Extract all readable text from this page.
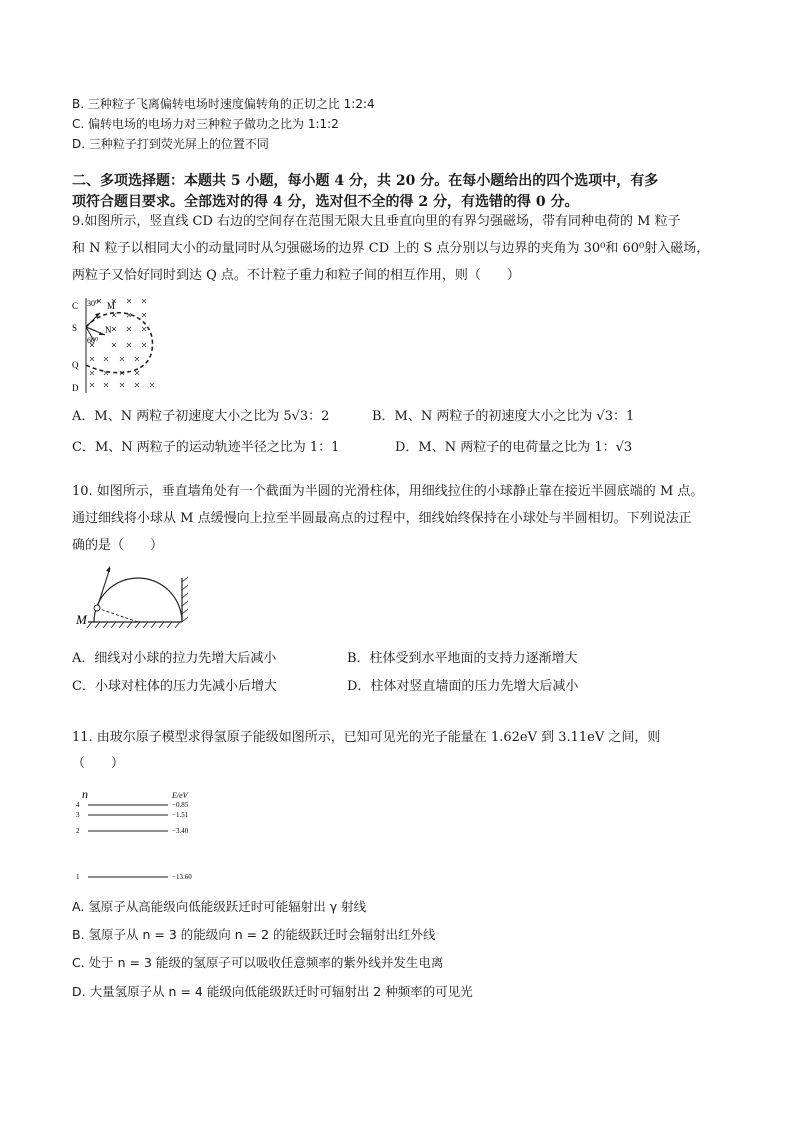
B. 三种粒子飞离偏转电场时速度偏转角的正切之比 1:2:4
C. 偏转电场的电场力对三种粒子做功之比为 1:1:2
D. 三种粒子打到荧光屏上的位置不同
二、多项选择题：本题共 5 小题，每小题 4 分，共 20 分。在每小题给出的四个选项中，有多
项符合题目要求。全部选对的得 4 分，选对但不全的得 2 分，有选错的得 0 分。
9.如图所示，竖直线 CD 右边的空间存在范围无限大且垂直向里的有界匀强磁场，带有同种电荷的 M 粒子
和 N 粒子以相同大小的动量同时从匀强磁场的边界 CD 上的 S 点分别以与边界的夹角为 30⁰和 60⁰射入磁场，
两粒子又恰好同时到达 Q 点。不计粒子重力和粒子间的相互作用，则（　　）
C
S
Q
D
30⁰
60⁰
M
N
A．M、N 两粒子初速度大小之比为 5√3：2	B．M、N 两粒子的初速度大小之比为 √3：1
C．M、N 两粒子的运动轨迹半径之比为 1：1	D．M、N 两粒子的电荷量之比为 1：√3
10. 如图所示，垂直墙角处有一个截面为半圆的光滑柱体，用细线拉住的小球静止靠在接近半圆底端的 M 点。
通过细线将小球从 M 点缓慢向上拉至半圆最高点的过程中，细线始终保持在小球处与半圆相切。下列说法正
确的是（　　）
M
A．细线对小球的拉力先增大后减小	B．柱体受到水平地面的支持力逐渐增大
C．小球对柱体的压力先减小后增大	D．柱体对竖直墙面的压力先增大后减小
11. 由玻尔原子模型求得氢原子能级如图所示，已知可见光的光子能量在 1.62eV 到 3.11eV 之间，则
（　　）
n	E/eV
4	−0.85
3	−1.51
2	−3.40
1	−13.60
A. 氢原子从高能级向低能级跃迁时可能辐射出 γ 射线
B. 氢原子从 n = 3 的能级向 n = 2 的能级跃迁时会辐射出红外线
C. 处于 n = 3 能级的氢原子可以吸收任意频率的紫外线并发生电离
D. 大量氢原子从 n = 4 能级向低能级跃迁时可辐射出 2 种频率的可见光
